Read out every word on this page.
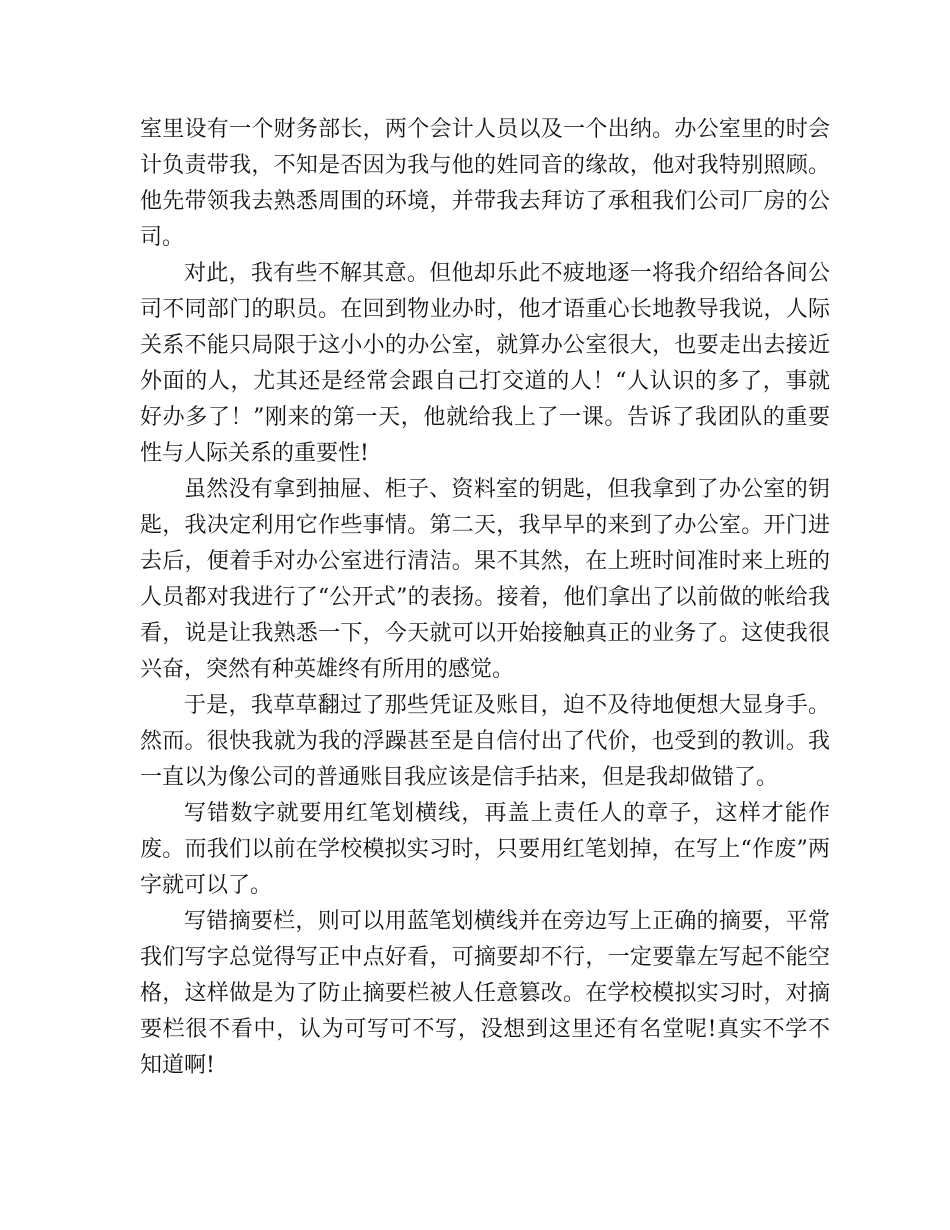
室里设有一个财务部长，两个会计人员以及一个出纳。办公室里的时会计负责带我，不知是否因为我与他的姓同音的缘故，他对我特别照顾。他先带领我去熟悉周围的环境，并带我去拜访了承租我们公司厂房的公司。

对此，我有些不解其意。但他却乐此不疲地逐一将我介绍给各间公司不同部门的职员。在回到物业办时，他才语重心长地教导我说，人际关系不能只局限于这小小的办公室，就算办公室很大，也要走出去接近外面的人，尤其还是经常会跟自己打交道的人！“人认识的多了，事就好办多了！”刚来的第一天，他就给我上了一课。告诉了我团队的重要性与人际关系的重要性!

虽然没有拿到抽屉、柜子、资料室的钥匙，但我拿到了办公室的钥匙，我决定利用它作些事情。第二天，我早早的来到了办公室。开门进去后，便着手对办公室进行清洁。果不其然，在上班时间准时来上班的人员都对我进行了“公开式”的表扬。接着，他们拿出了以前做的帐给我看，说是让我熟悉一下，今天就可以开始接触真正的业务了。这使我很兴奋，突然有种英雄终有所用的感觉。

于是，我草草翻过了那些凭证及账目，迫不及待地便想大显身手。然而。很快我就为我的浮躁甚至是自信付出了代价，也受到的教训。我一直以为像公司的普通账目我应该是信手拈来，但是我却做错了。

写错数字就要用红笔划横线，再盖上责任人的章子，这样才能作废。而我们以前在学校模拟实习时，只要用红笔划掉，在写上“作废”两字就可以了。

写错摘要栏，则可以用蓝笔划横线并在旁边写上正确的摘要，平常我们写字总觉得写正中点好看，可摘要却不行，一定要靠左写起不能空格，这样做是为了防止摘要栏被人任意篡改。在学校模拟实习时，对摘要栏很不看中，认为可写可不写，没想到这里还有名堂呢!真实不学不知道啊!
